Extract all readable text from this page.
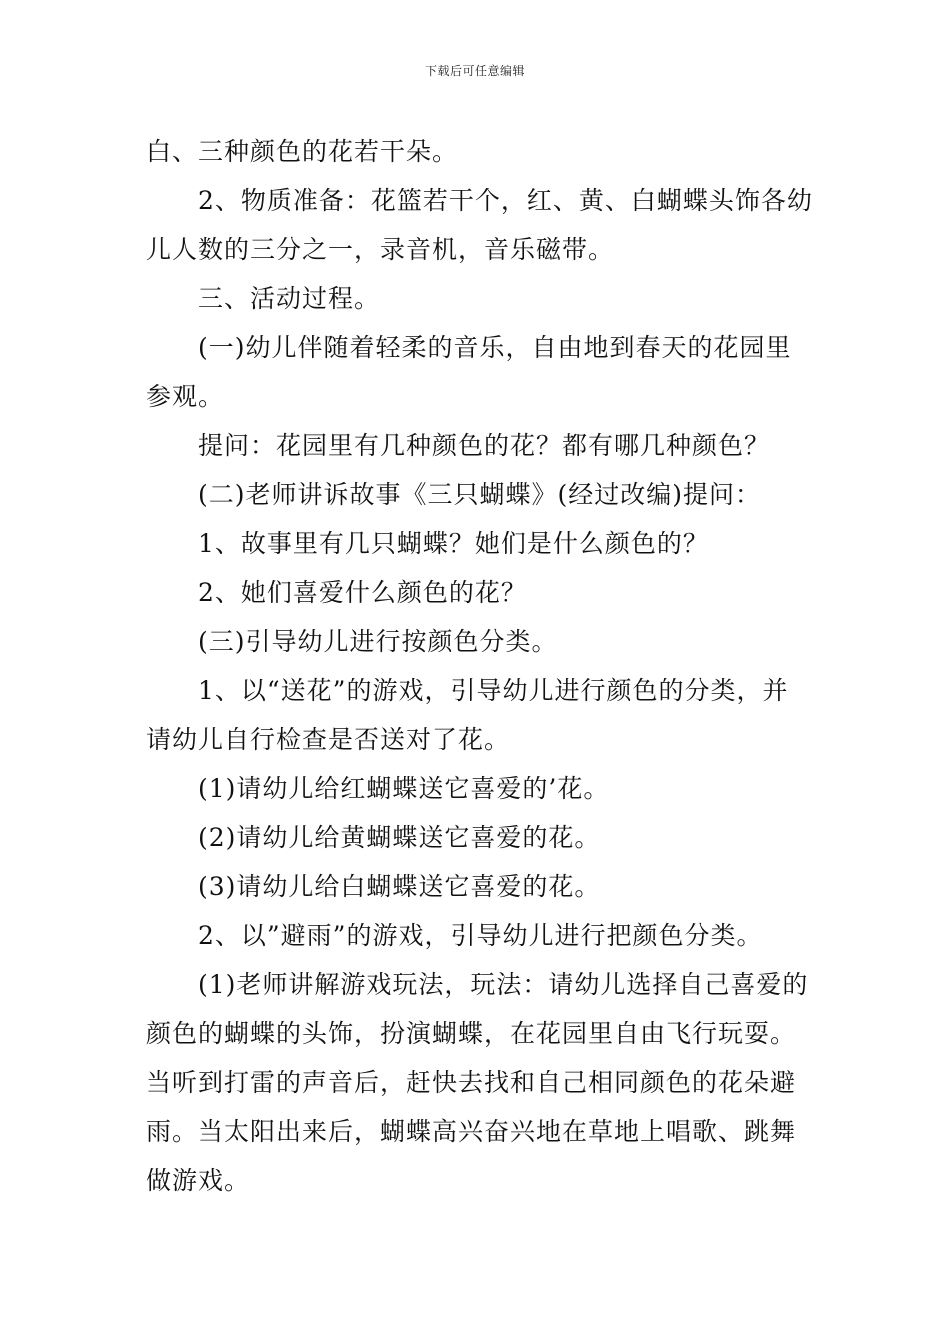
下载后可任意编辑

白、三种颜色的花若干朵。

2、物质准备：花篮若干个，红、黄、白蝴蝶头饰各幼

儿人数的三分之一，录音机，音乐磁带。

三、活动过程。

(一)幼儿伴随着轻柔的音乐，自由地到春天的花园里

参观。

提问：花园里有几种颜色的花？都有哪几种颜色？

(二)老师讲诉故事《三只蝴蝶》(经过改编)提问：

1、故事里有几只蝴蝶？她们是什么颜色的？

2、她们喜爱什么颜色的花？

(三)引导幼儿进行按颜色分类。

1、以“送花”的游戏，引导幼儿进行颜色的分类，并

请幼儿自行检查是否送对了花。

(1)请幼儿给红蝴蝶送它喜爱的’花。

(2)请幼儿给黄蝴蝶送它喜爱的花。

(3)请幼儿给白蝴蝶送它喜爱的花。

2、以”避雨”的游戏，引导幼儿进行把颜色分类。

(1)老师讲解游戏玩法，玩法：请幼儿选择自己喜爱的

颜色的蝴蝶的头饰，扮演蝴蝶，在花园里自由飞行玩耍。

当听到打雷的声音后，赶快去找和自己相同颜色的花朵避

雨。当太阳出来后，蝴蝶高兴奋兴地在草地上唱歌、跳舞

做游戏。
